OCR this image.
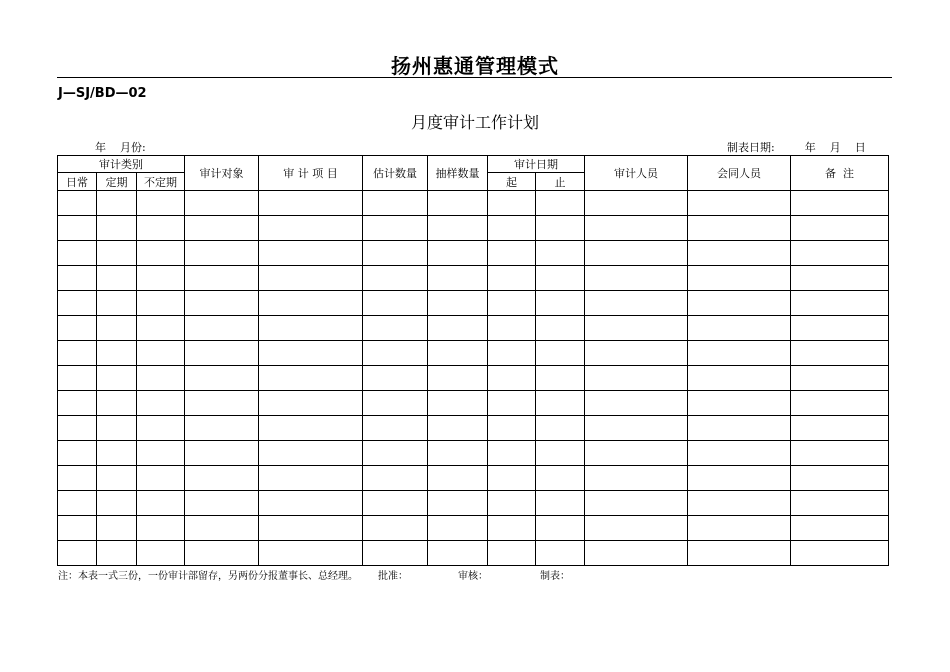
扬州惠通管理模式
J—SJ/BD—02
月度审计工作计划
年    月份:	制表日期:	年    月    日
审计类别			审计对象	审 计 项 目	估计数量	抽样数量	审计日期		审计人员	会同人员	备  注
日常	定期	不定期					起	止			

注：本表一式三份，一份审计部留存，另两份分报董事长、总经理。 批准：	审核：	制表：
